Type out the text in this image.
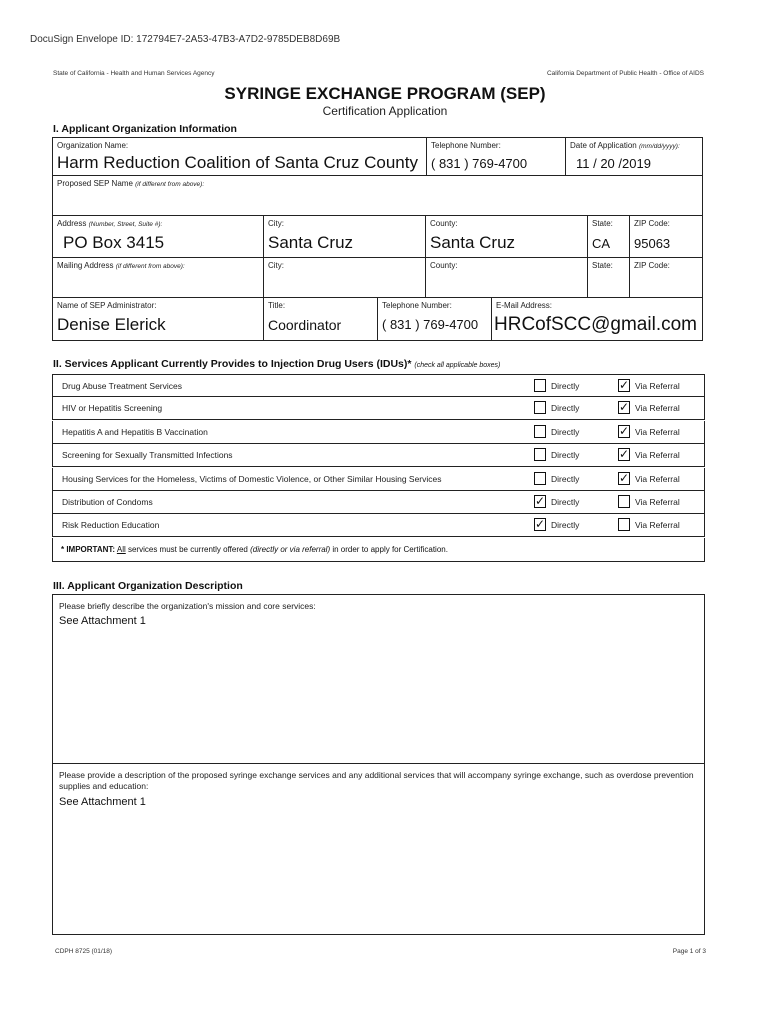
DocuSign Envelope ID: 172794E7-2A53-47B3-A7D2-9785DEB8D69B
State of California - Health and Human Services Agency	California Department of Public Health - Office of AIDS
SYRINGE EXCHANGE PROGRAM (SEP)
Certification Application
I. Applicant Organization Information
Organization Name:
Harm Reduction Coalition of Santa Cruz County
Telephone Number:
( 831 ) 769-4700
Date of Application (mm/dd/yyyy):
11 / 20 /2019
Proposed SEP Name (if different from above):
Address (Number, Street, Suite #):
PO Box 3415
City:
Santa Cruz
County:
Santa Cruz
State:
CA
ZIP Code:
95063
Mailing Address (if different from above):	City:	County:	State:	ZIP Code:
Name of SEP Administrator:
Denise Elerick
Title:
Coordinator
Telephone Number:
( 831 ) 769-4700
E-Mail Address:
HRCofSCC@gmail.com
II. Services Applicant Currently Provides to Injection Drug Users (IDUs)* (check all applicable boxes)
Drug Abuse Treatment Services	Directly	✓ Via Referral
HIV or Hepatitis Screening	Directly	✓ Via Referral
Hepatitis A and Hepatitis B Vaccination	Directly	✓ Via Referral
Screening for Sexually Transmitted Infections	Directly	✓ Via Referral
Housing Services for the Homeless, Victims of Domestic Violence, or Other Similar Housing Services	Directly	✓ Via Referral
Distribution of Condoms	✓ Directly	Via Referral
Risk Reduction Education	✓ Directly	Via Referral
* IMPORTANT: All services must be currently offered (directly or via referral) in order to apply for Certification.
III. Applicant Organization Description
Please briefly describe the organization's mission and core services:
See Attachment 1
Please provide a description of the proposed syringe exchange services and any additional services that will accompany syringe exchange, such as overdose prevention supplies and education:
See Attachment 1
CDPH 8725 (01/18)	Page 1 of 3
